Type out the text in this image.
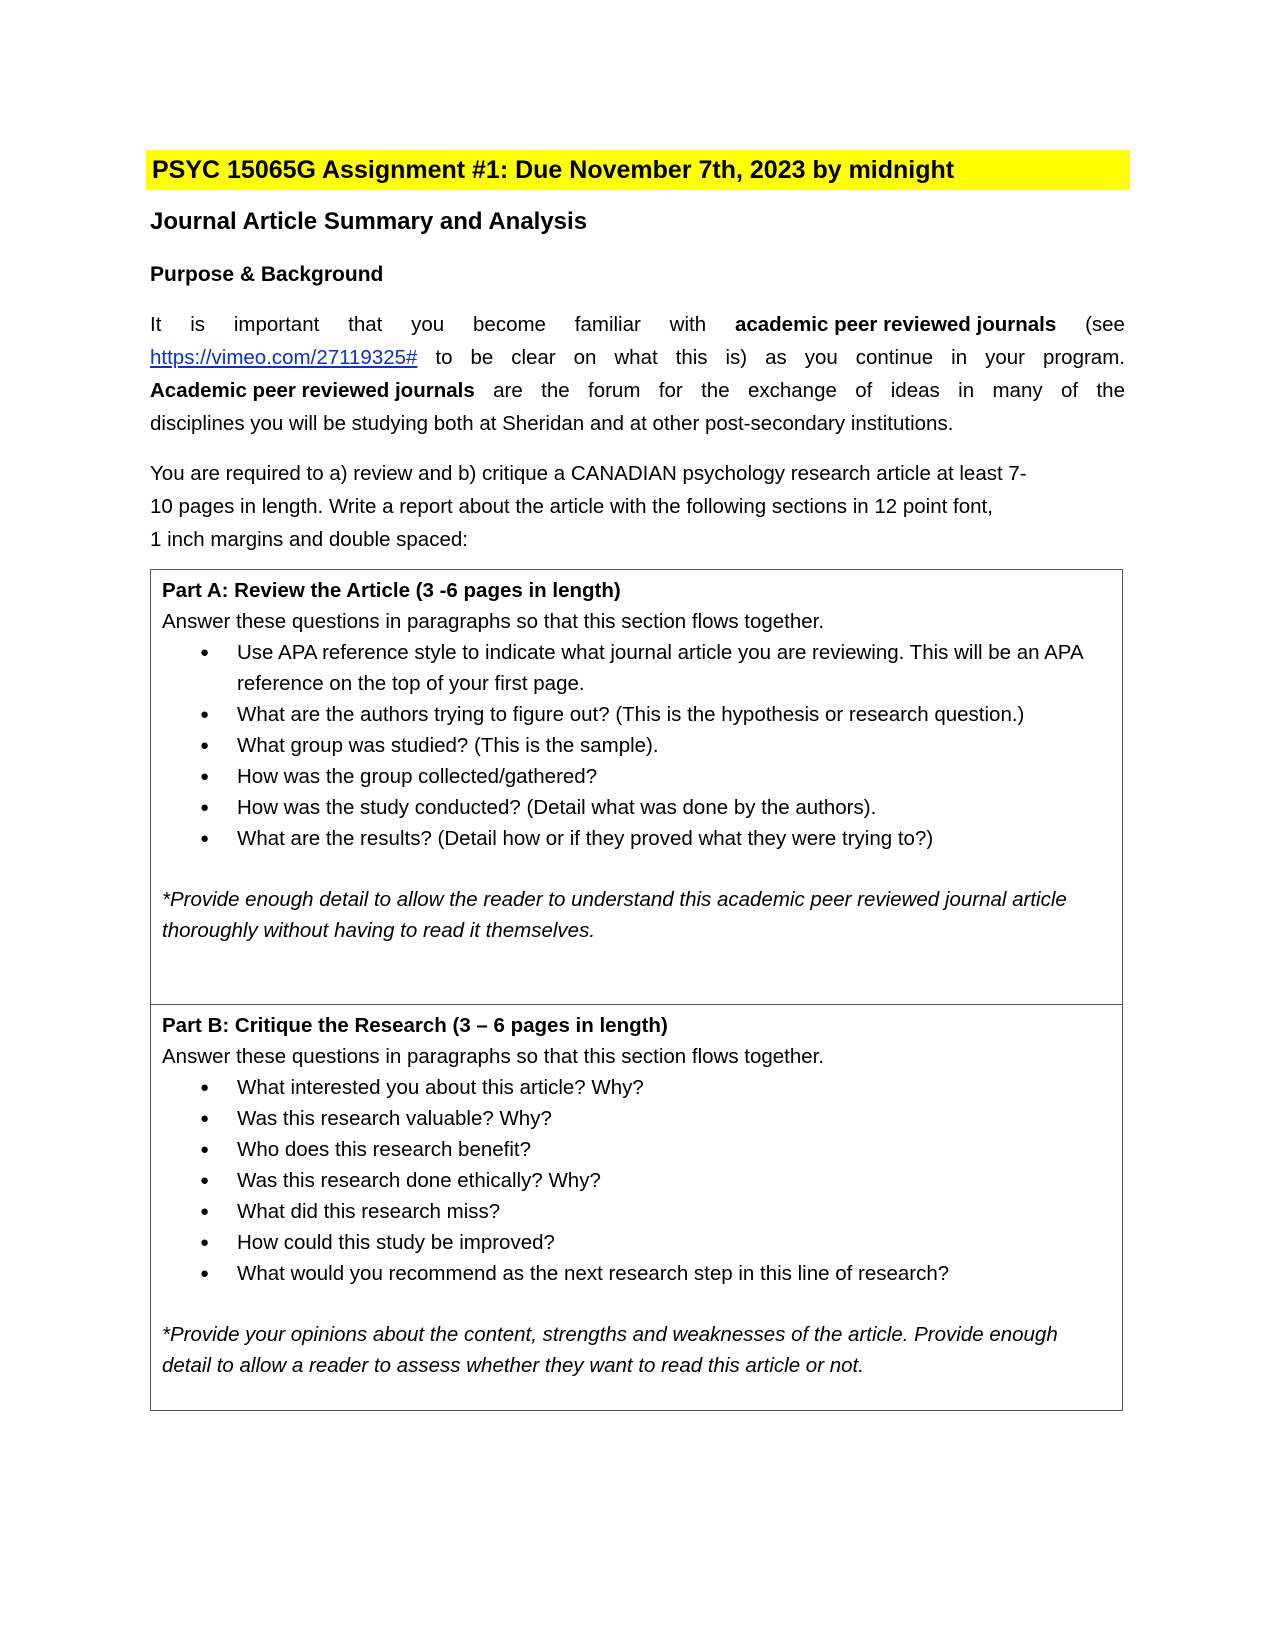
PSYC 15065G Assignment #1: Due November 7th, 2023 by midnight
Journal Article Summary and Analysis
Purpose & Background
It is important that you become familiar with academic peer reviewed journals (see
https://vimeo.com/27119325# to be clear on what this is) as you continue in your program.
Academic peer reviewed journals are the forum for the exchange of ideas in many of the
disciplines you will be studying both at Sheridan and at other post-secondary institutions.
You are required to a) review and b) critique a CANADIAN psychology research article at least 7-
10 pages in length. Write a report about the article with the following sections in 12 point font,
1 inch margins and double spaced:
Part A: Review the Article (3 -6 pages in length)
Answer these questions in paragraphs so that this section flows together.
● Use APA reference style to indicate what journal article you are reviewing. This will be an APA reference on the top of your first page.
● What are the authors trying to figure out? (This is the hypothesis or research question.)
● What group was studied? (This is the sample).
● How was the group collected/gathered?
● How was the study conducted? (Detail what was done by the authors).
● What are the results? (Detail how or if they proved what they were trying to?)
*Provide enough detail to allow the reader to understand this academic peer reviewed journal article thoroughly without having to read it themselves.
Part B: Critique the Research (3 – 6 pages in length)
Answer these questions in paragraphs so that this section flows together.
● What interested you about this article? Why?
● Was this research valuable? Why?
● Who does this research benefit?
● Was this research done ethically? Why?
● What did this research miss?
● How could this study be improved?
● What would you recommend as the next research step in this line of research?
*Provide your opinions about the content, strengths and weaknesses of the article. Provide enough detail to allow a reader to assess whether they want to read this article or not.
